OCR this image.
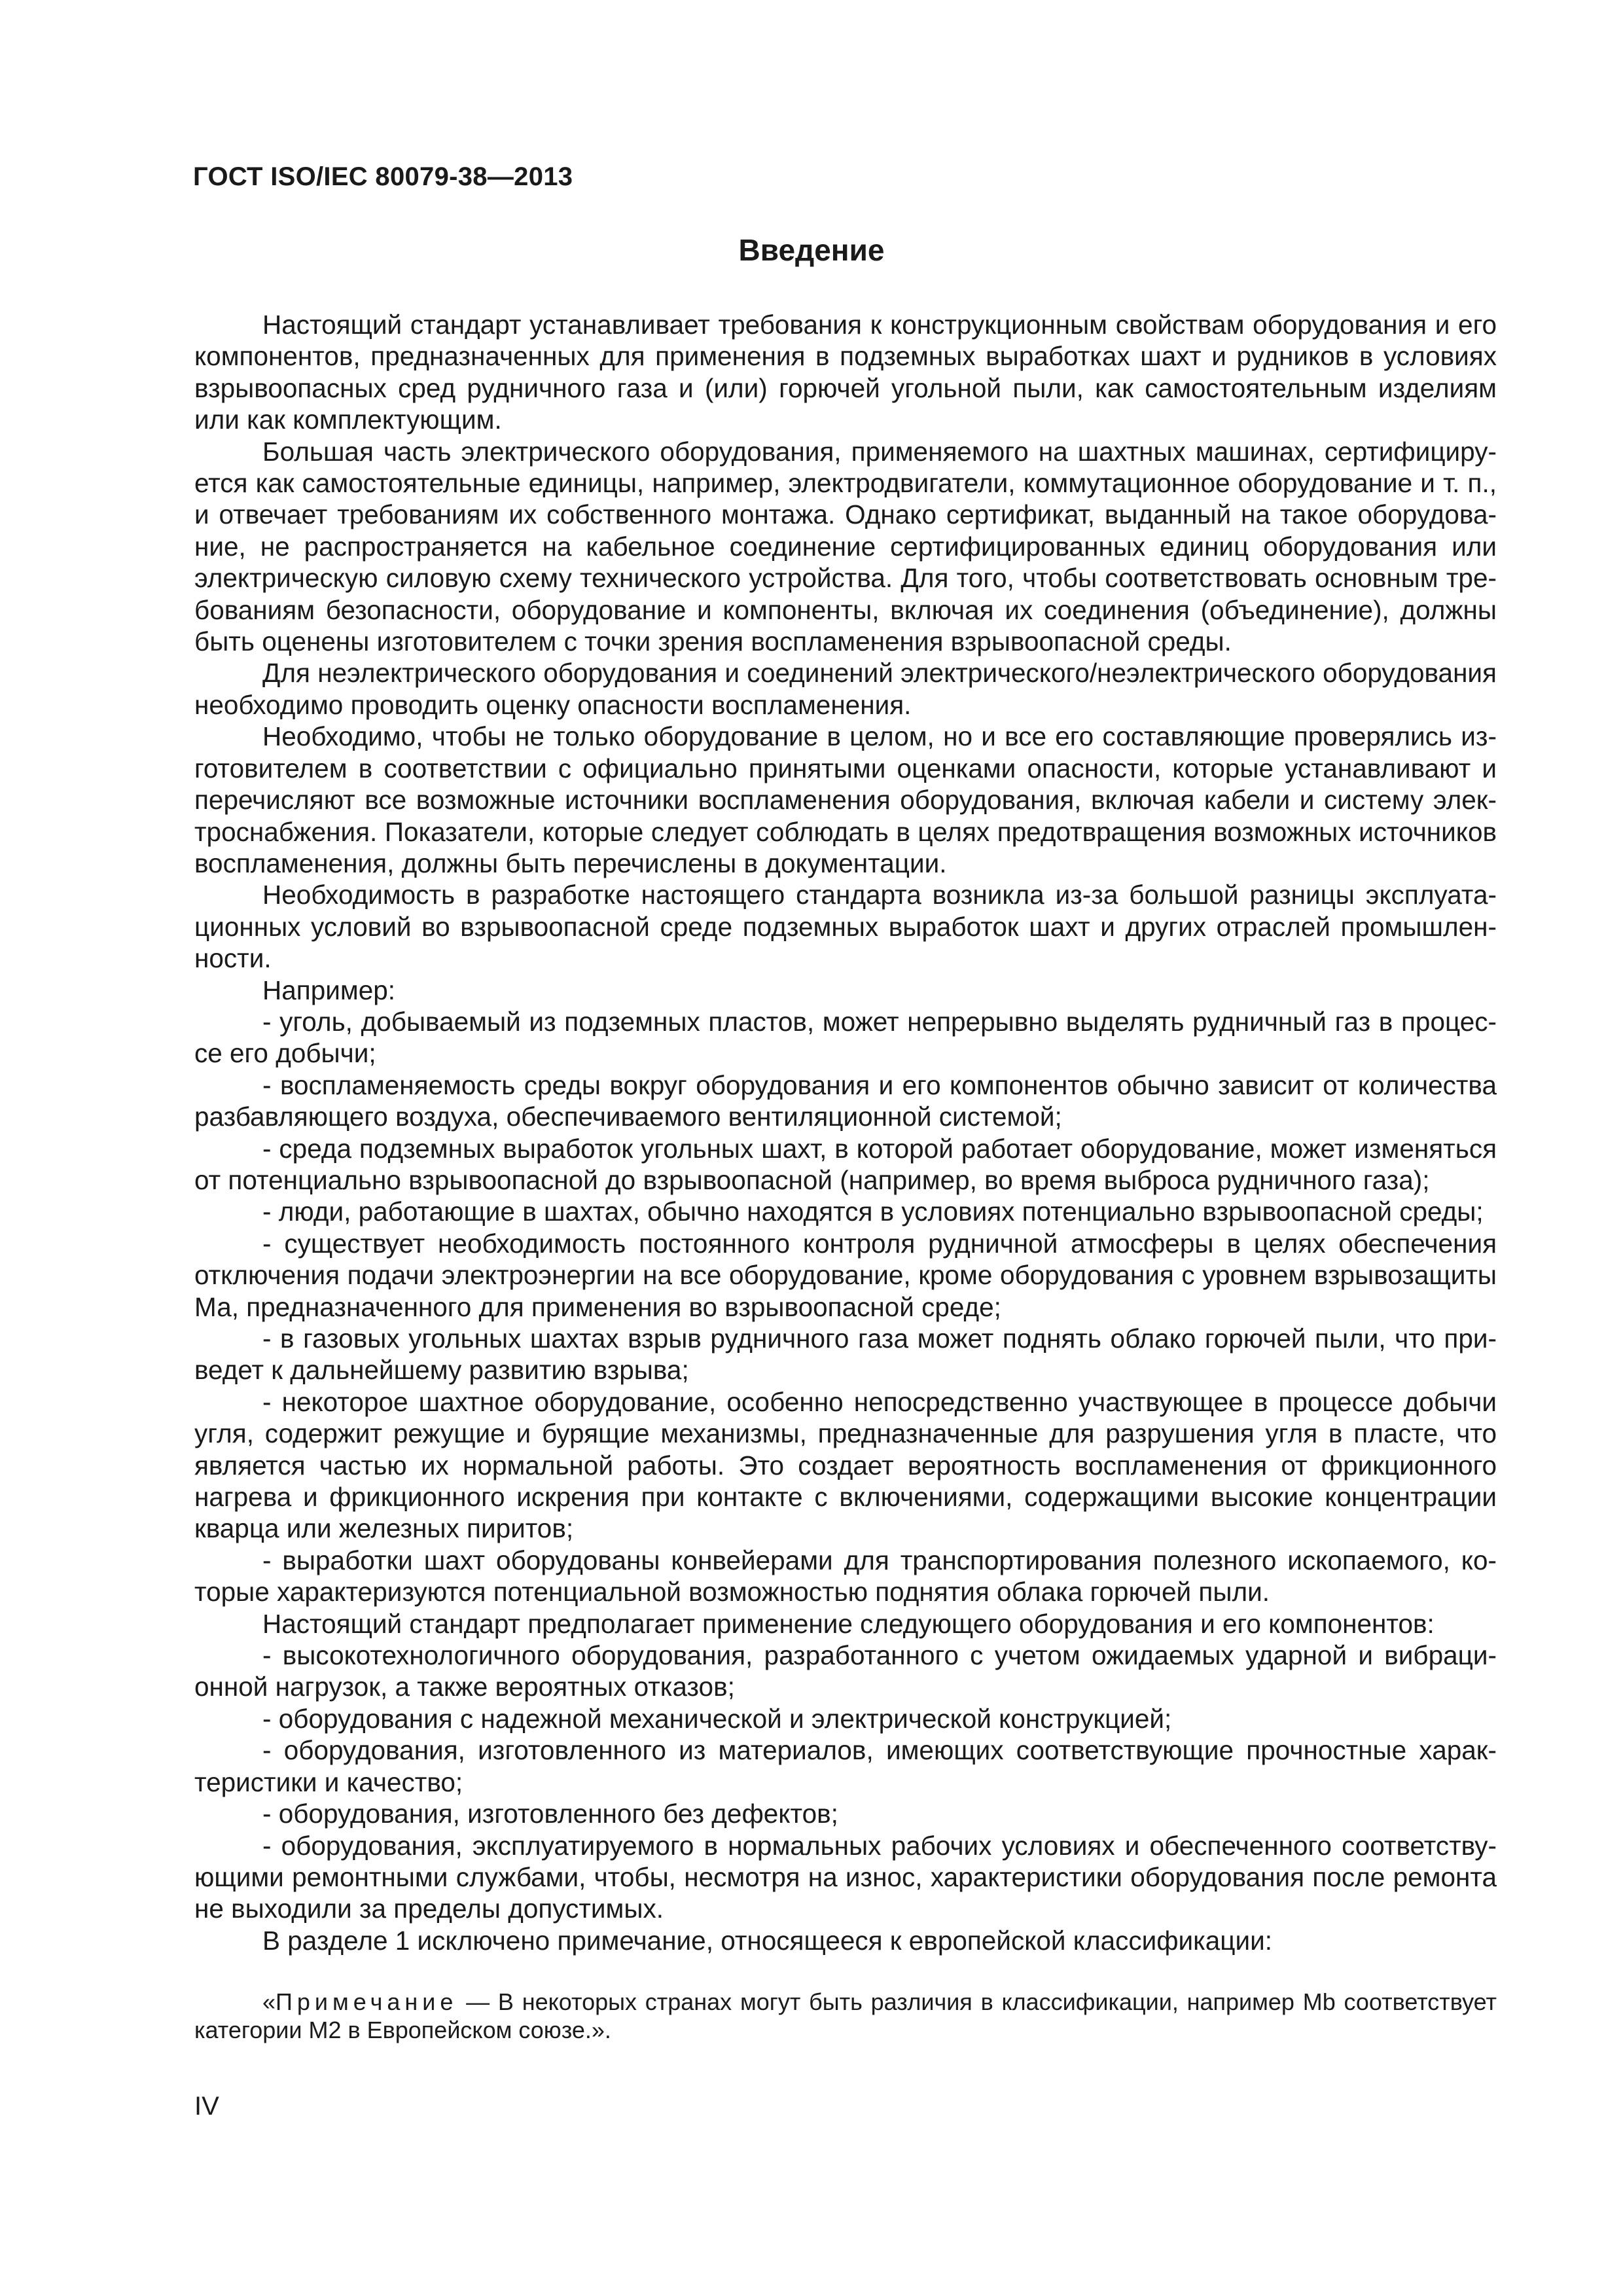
ГОСТ ISO/IEC 80079-38—2013
Введение

Настоящий стандарт устанавливает требования к конструкционным свойствам оборудования и его компонентов, предназначенных для применения в подземных выработках шахт и рудников в условиях взрывоопасных сред рудничного газа и (или) горючей угольной пыли, как самостоятельным изделиям или как комплектующим.

Большая часть электрического оборудования, применяемого на шахтных машинах, сертифицируется как самостоятельные единицы, например, электродвигатели, коммутационное оборудование и т. п., и отвечает требованиям их собственного монтажа. Однако сертификат, выданный на такое оборудование, не распространяется на кабельное соединение сертифицированных единиц оборудования или электрическую силовую схему технического устройства. Для того, чтобы соответствовать основным требованиям безопасности, оборудование и компоненты, включая их соединения (объединение), должны быть оценены изготовителем с точки зрения воспламенения взрывоопасной среды.

Для неэлектрического оборудования и соединений электрического/неэлектрического оборудования необходимо проводить оценку опасности воспламенения.

Необходимо, чтобы не только оборудование в целом, но и все его составляющие проверялись изготовителем в соответствии с официально принятыми оценками опасности, которые устанавливают и перечисляют все возможные источники воспламенения оборудования, включая кабели и систему электроснабжения. Показатели, которые следует соблюдать в целях предотвращения возможных источников воспламенения, должны быть перечислены в документации.

Необходимость в разработке настоящего стандарта возникла из-за большой разницы эксплуатационных условий во взрывоопасной среде подземных выработок шахт и других отраслей промышленности.

Например:

- уголь, добываемый из подземных пластов, может непрерывно выделять рудничный газ в процессе его добычи;

- воспламеняемость среды вокруг оборудования и его компонентов обычно зависит от количества разбавляющего воздуха, обеспечиваемого вентиляционной системой;

- среда подземных выработок угольных шахт, в которой работает оборудование, может изменяться от потенциально взрывоопасной до взрывоопасной (например, во время выброса рудничного газа);

- люди, работающие в шахтах, обычно находятся в условиях потенциально взрывоопасной среды;

- существует необходимость постоянного контроля рудничной атмосферы в целях обеспечения отключения подачи электроэнергии на все оборудование, кроме оборудования с уровнем взрывозащиты Ма, предназначенного для применения во взрывоопасной среде;

- в газовых угольных шахтах взрыв рудничного газа может поднять облако горючей пыли, что приведет к дальнейшему развитию взрыва;

- некоторое шахтное оборудование, особенно непосредственно участвующее в процессе добычи угля, содержит режущие и бурящие механизмы, предназначенные для разрушения угля в пласте, что является частью их нормальной работы. Это создает вероятность воспламенения от фрикционного нагрева и фрикционного искрения при контакте с включениями, содержащими высокие концентрации кварца или железных пиритов;

- выработки шахт оборудованы конвейерами для транспортирования полезного ископаемого, которые характеризуются потенциальной возможностью поднятия облака горючей пыли.

Настоящий стандарт предполагает применение следующего оборудования и его компонентов:

- высокотехнологичного оборудования, разработанного с учетом ожидаемых ударной и вибрационной нагрузок, а также вероятных отказов;

- оборудования с надежной механической и электрической конструкцией;

- оборудования, изготовленного из материалов, имеющих соответствующие прочностные характеристики и качество;

- оборудования, изготовленного без дефектов;

- оборудования, эксплуатируемого в нормальных рабочих условиях и обеспеченного соответствующими ремонтными службами, чтобы, несмотря на износ, характеристики оборудования после ремонта не выходили за пределы допустимых.

В разделе 1 исключено примечание, относящееся к европейской классификации:

«Примечание — В некоторых странах могут быть различия в классификации, например Mb соответствует категории M2 в Европейском союзе.».

IV
